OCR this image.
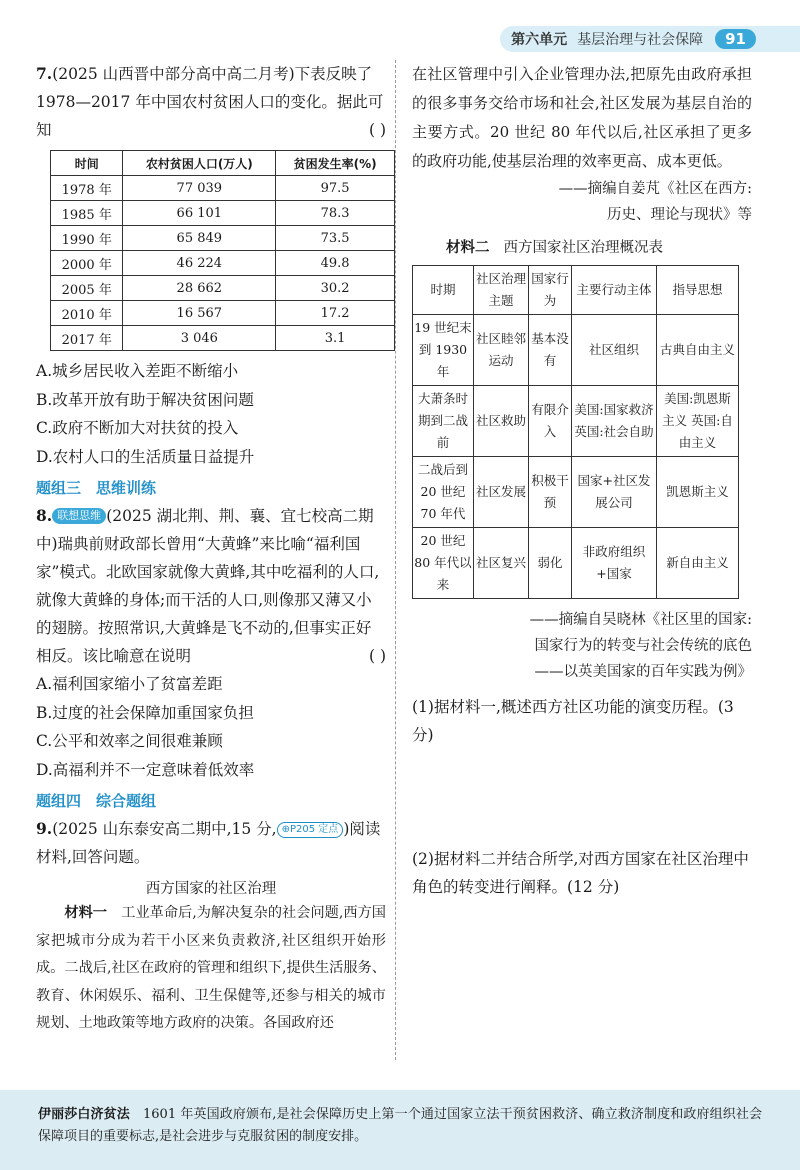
第六单元 基层治理与社会保障	91

7.(2025 山西晋中部分高中高二月考)下表反映了 1978—2017 年中国农村贫困人口的变化。据此可知	( )

时间	农村贫困人口(万人)	贫困发生率(%)
1978 年	77 039	97.5
1985 年	66 101	78.3
1990 年	65 849	73.5
2000 年	46 224	49.8
2005 年	28 662	30.2
2010 年	16 567	17.2
2017 年	3 046	3.1

A.城乡居民收入差距不断缩小

B.改革开放有助于解决贫困问题

C.政府不断加大对扶贫的投入

D.农村人口的生活质量日益提升

题组三　思维训练

8. 联想思维 (2025 湖北荆、荆、襄、宜七校高二期中)瑞典前财政部长曾用“大黄蜂”来比喻“福利国家”模式。北欧国家就像大黄蜂,其中吃福利的人口,就像大黄蜂的身体;而干活的人口,则像那又薄又小的翅膀。按照常识,大黄蜂是飞不动的,但事实正好相反。该比喻意在说明	( )

A.福利国家缩小了贫富差距

B.过度的社会保障加重国家负担

C.公平和效率之间很难兼顾

D.高福利并不一定意味着低效率

题组四　综合题组

9.(2025 山东泰安高二期中,15 分, ⊕P205 定点 )阅读材料,回答问题。

西方国家的社区治理

材料一　 工业革命后,为解决复杂的社会问题,西方国家把城市分成为若干小区来负责救济,社区组织开始形成。二战后,社区在政府的管理和组织下,提供生活服务、教育、休闲娱乐、福利、卫生保健等,还参与相关的城市规划、土地政策等地方政府的决策。各国政府还

在社区管理中引入企业管理办法,把原先由政府承担的很多事务交给市场和社会,社区发展为基层自治的主要方式。20 世纪 80 年代以后,社区承担了更多的政府功能,使基层治理的效率更高、成本更低。

——摘编自姜芃《社区在西方:

历史、理论与现状》等

材料二 西方国家社区治理概况表

时期	社区治理主题	国家行为	主要行动主体	指导思想
19 世纪末到 1930 年	社区睦邻运动	基本没有	社区组织	古典自由主义
大萧条时期到二战前	社区救助	有限介入	美国:国家救济 英国:社会自助	美国:凯恩斯主义 英国:自由主义
二战后到 20 世纪 70 年代	社区发展	积极干预	国家+社区发展公司	凯恩斯主义
20 世纪 80 年代以来	社区复兴	弱化	非政府组织+国家	新自由主义

——摘编自吴晓林《社区里的国家:

国家行为的转变与社会传统的底色

——以英美国家的百年实践为例》

(1)据材料一,概述西方社区功能的演变历程。(3 分)

(2)据材料二并结合所学,对西方国家在社区治理中角色的转变进行阐释。(12 分)

伊丽莎白济贫法　 1601 年英国政府颁布,是社会保障历史上第一个通过国家立法干预贫困救济、确立救济制度和政府组织社会保障项目的重要标志,是社会进步与克服贫困的制度安排。
